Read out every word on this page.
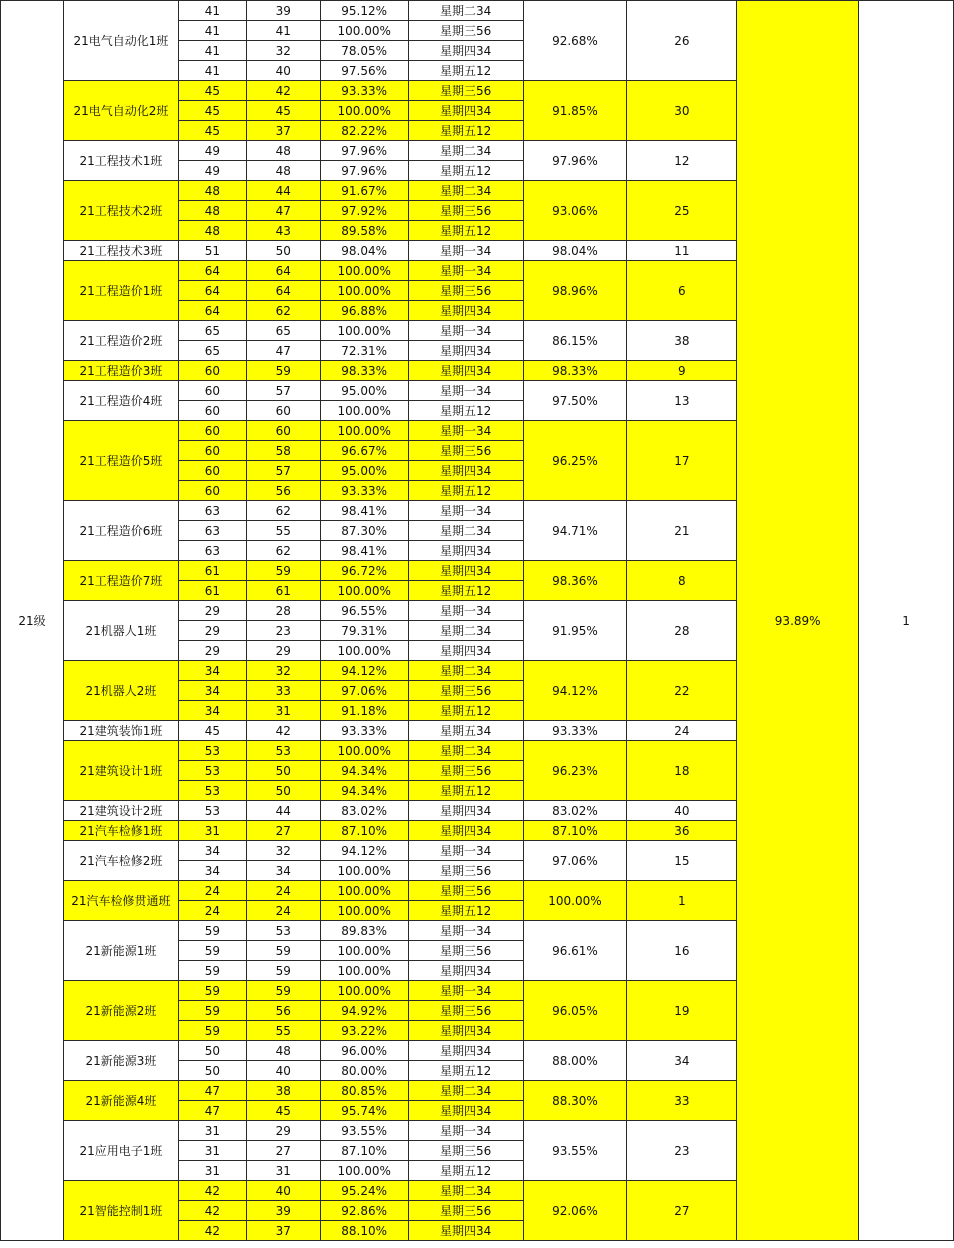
21级	21电气自动化1班	41	39	95.12%	星期二34	92.68%	26	93.89%	1
		41	41	100.00%	星期三56				
		41	32	78.05%	星期四34				
		41	40	97.56%	星期五12				
	21电气自动化2班	45	42	93.33%	星期三56	91.85%	30		
		45	45	100.00%	星期四34				
		45	37	82.22%	星期五12				
	21工程技术1班	49	48	97.96%	星期二34	97.96%	12		
		49	48	97.96%	星期五12				
	21工程技术2班	48	44	91.67%	星期二34	93.06%	25		
		48	47	97.92%	星期三56				
		48	43	89.58%	星期五12				
	21工程技术3班	51	50	98.04%	星期一34	98.04%	11		
	21工程造价1班	64	64	100.00%	星期一34	98.96%	6		
		64	64	100.00%	星期三56				
		64	62	96.88%	星期四34				
	21工程造价2班	65	65	100.00%	星期一34	86.15%	38		
		65	47	72.31%	星期四34				
	21工程造价3班	60	59	98.33%	星期四34	98.33%	9		
	21工程造价4班	60	57	95.00%	星期一34	97.50%	13		
		60	60	100.00%	星期五12				
	21工程造价5班	60	60	100.00%	星期一34	96.25%	17		
		60	58	96.67%	星期三56				
		60	57	95.00%	星期四34				
		60	56	93.33%	星期五12				
	21工程造价6班	63	62	98.41%	星期一34	94.71%	21		
		63	55	87.30%	星期二34				
		63	62	98.41%	星期四34				
	21工程造价7班	61	59	96.72%	星期四34	98.36%	8		
		61	61	100.00%	星期五12				
	21机器人1班	29	28	96.55%	星期一34	91.95%	28		
		29	23	79.31%	星期二34				
		29	29	100.00%	星期四34				
	21机器人2班	34	32	94.12%	星期二34	94.12%	22		
		34	33	97.06%	星期三56				
		34	31	91.18%	星期五12				
	21建筑装饰1班	45	42	93.33%	星期五34	93.33%	24		
	21建筑设计1班	53	53	100.00%	星期二34	96.23%	18		
		53	50	94.34%	星期三56				
		53	50	94.34%	星期五12				
	21建筑设计2班	53	44	83.02%	星期四34	83.02%	40		
	21汽车检修1班	31	27	87.10%	星期四34	87.10%	36		
	21汽车检修2班	34	32	94.12%	星期一34	97.06%	15		
		34	34	100.00%	星期三56				
	21汽车检修贯通班	24	24	100.00%	星期三56	100.00%	1		
		24	24	100.00%	星期五12				
	21新能源1班	59	53	89.83%	星期一34	96.61%	16		
		59	59	100.00%	星期三56				
		59	59	100.00%	星期四34				
	21新能源2班	59	59	100.00%	星期一34	96.05%	19		
		59	56	94.92%	星期三56				
		59	55	93.22%	星期四34				
	21新能源3班	50	48	96.00%	星期四34	88.00%	34		
		50	40	80.00%	星期五12				
	21新能源4班	47	38	80.85%	星期二34	88.30%	33		
		47	45	95.74%	星期四34				
	21应用电子1班	31	29	93.55%	星期一34	93.55%	23		
		31	27	87.10%	星期三56				
		31	31	100.00%	星期五12				
	21智能控制1班	42	40	95.24%	星期二34	92.06%	27		
		42	39	92.86%	星期三56				
		42	37	88.10%	星期四34				
